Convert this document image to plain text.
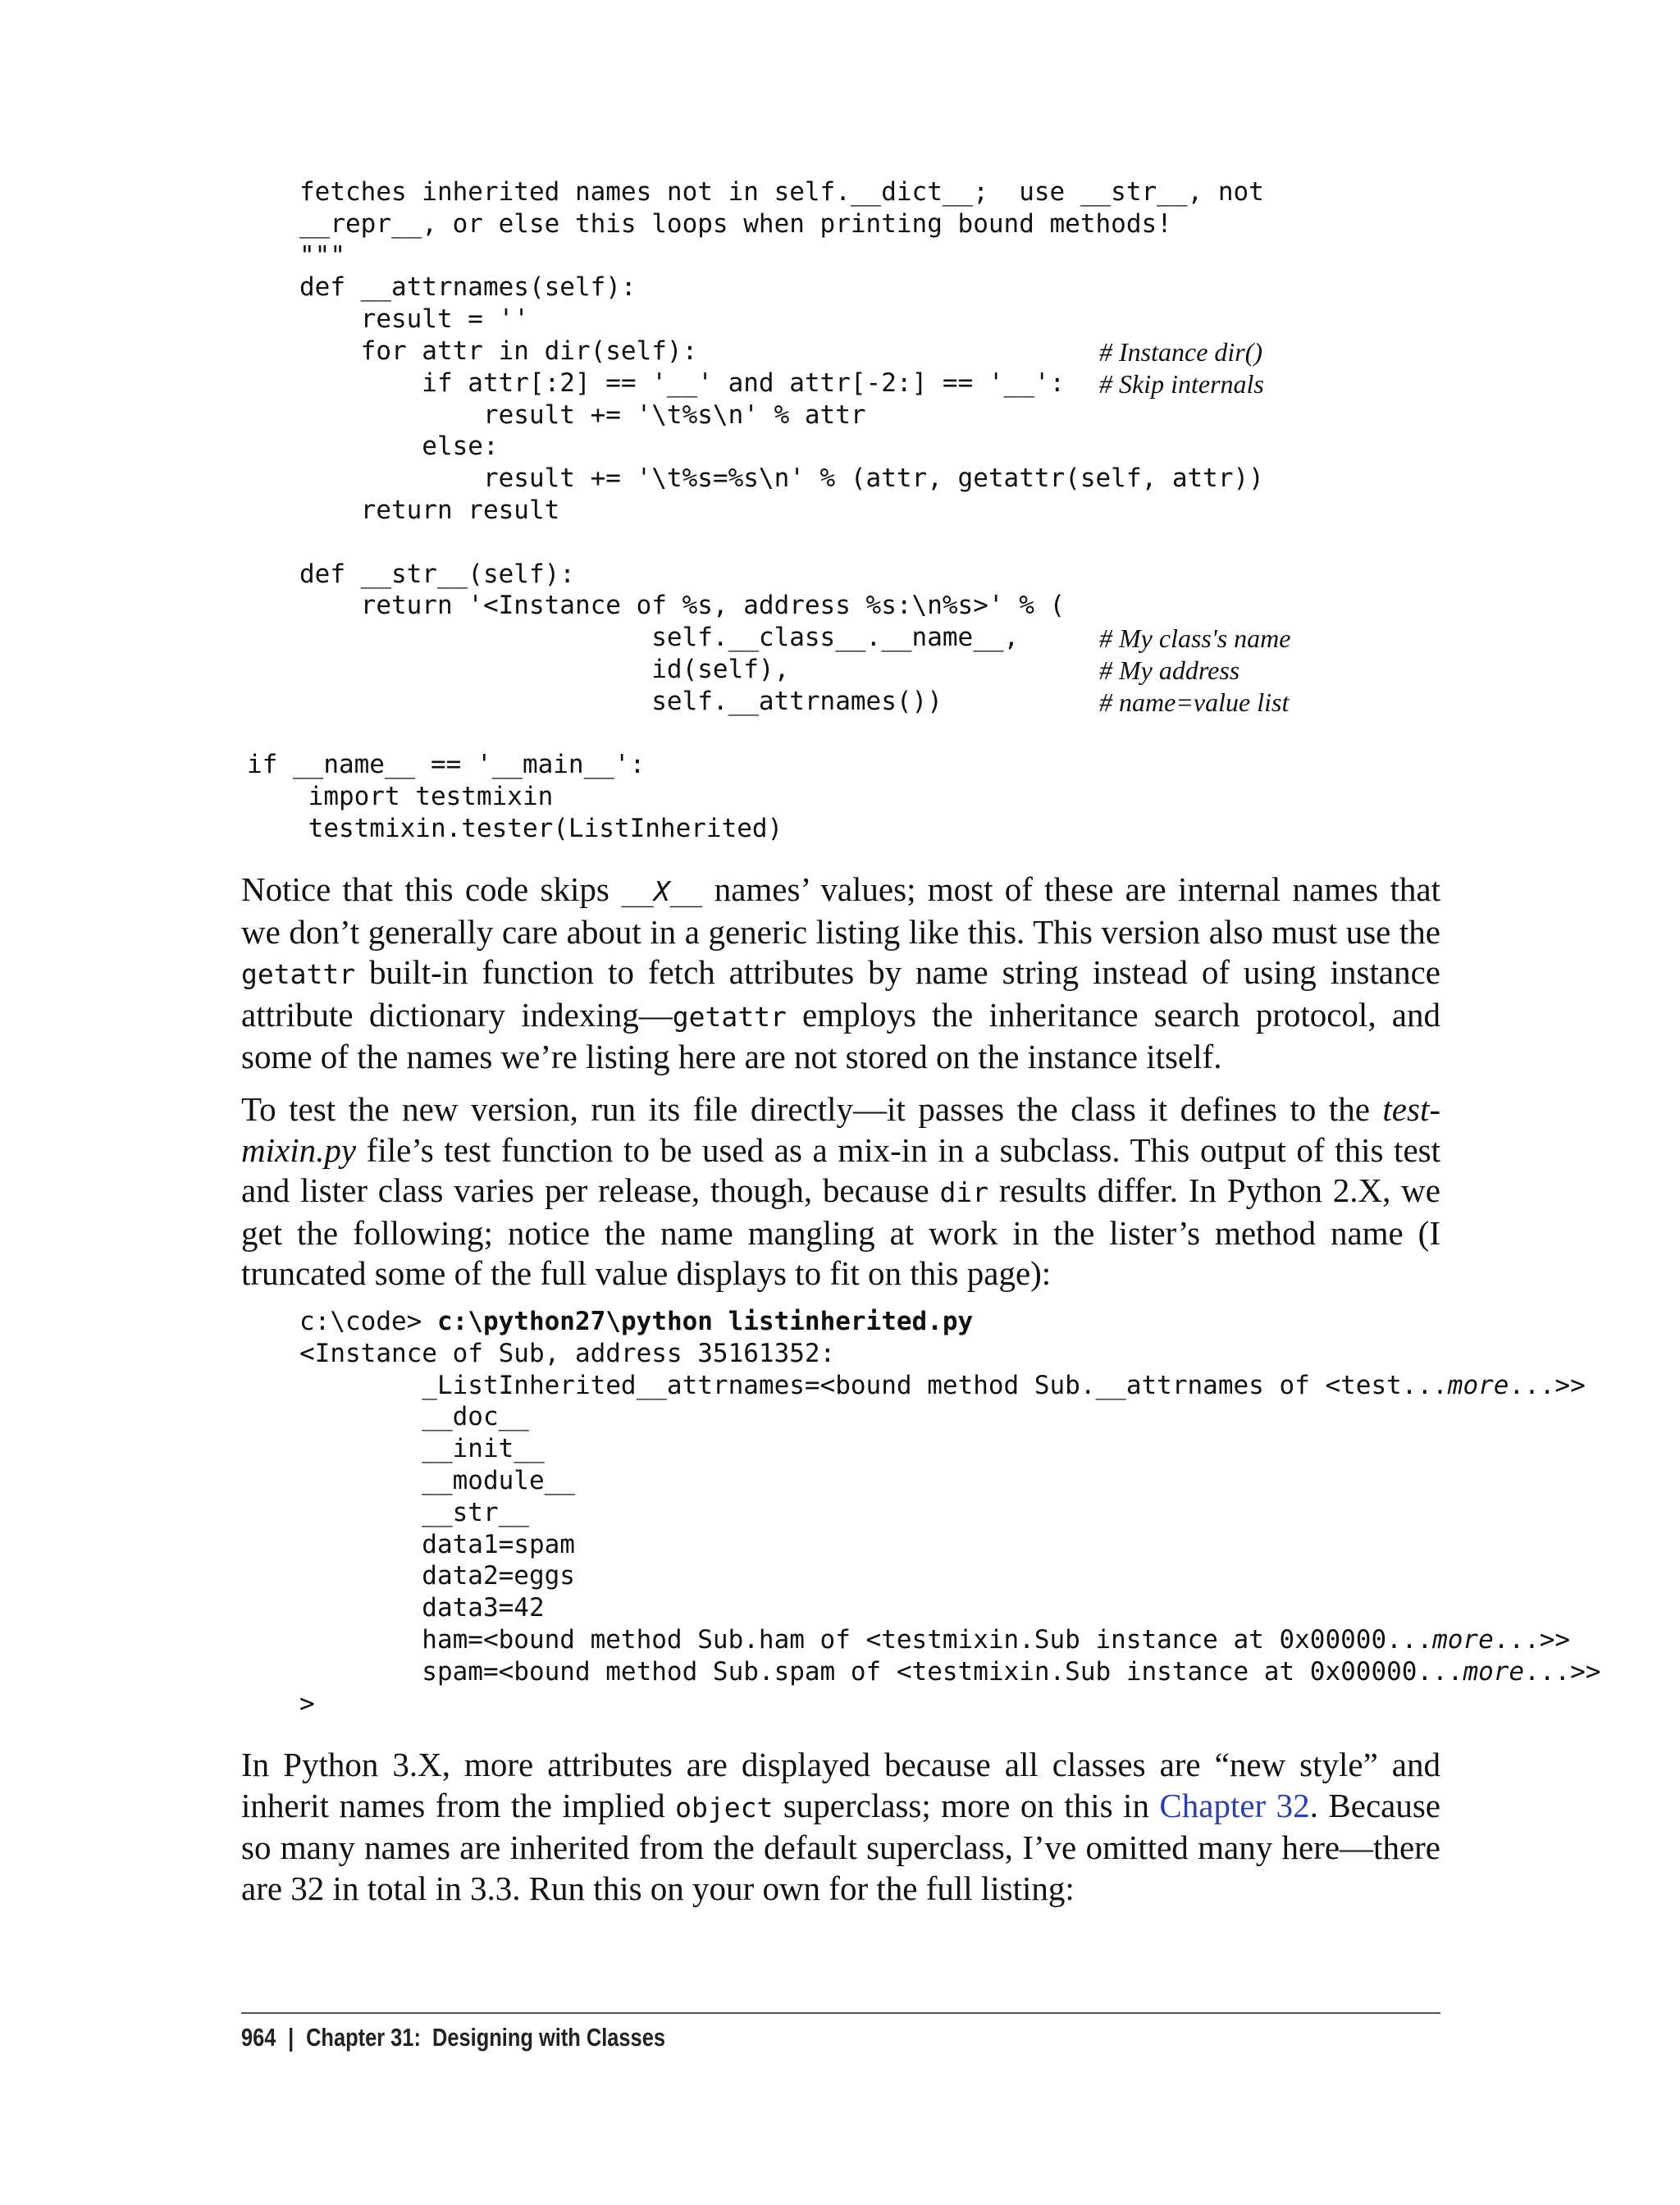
fetches inherited names not in self.__dict__;  use __str__, not
__repr__, or else this loops when printing bound methods!
"""
def __attrnames(self):
result = ''
for attr in dir(self):
if attr[:2] == '__' and attr[-2:] == '__':
result += '\t%s\n' % attr
else:
result += '\t%s=%s\n' % (attr, getattr(self, attr))
return result

def __str__(self):
return '<Instance of %s, address %s:\n%s>' % (
self.__class__.__name__,
id(self),
self.__attrnames())

if __name__ == '__main__':
import testmixin
testmixin.tester(ListInherited)
# Instance dir()
# Skip internals
# My class's name
# My address
# name=value list

Notice that this code skips __X__ names’ values; most of these are internal names that we don’t generally care about in a generic listing like this. This version also must use the getattr built-in function to fetch attributes by name string instead of using instance attribute dictionary indexing—getattr employs the inheritance search protocol, and some of the names we’re listing here are not stored on the instance itself.

To test the new version, run its file directly—it passes the class it defines to the testmixin.py file’s test function to be used as a mix-in in a subclass. This output of this test and lister class varies per release, though, because dir results differ. In Python 2.X, we get the following; notice the name mangling at work in the lister’s method name (I truncated some of the full value displays to fit on this page):

c:\code> c:\python27\python listinherited.py
<Instance of Sub, address 35161352:
_ListInherited__attrnames=<bound method Sub.__attrnames of <test...more...>>
__doc__
__init__
__module__
__str__
data1=spam
data2=eggs
data3=42
ham=<bound method Sub.ham of <testmixin.Sub instance at 0x00000...more...>>
spam=<bound method Sub.spam of <testmixin.Sub instance at 0x00000...more...>>
>

In Python 3.X, more attributes are displayed because all classes are “new style” and inherit names from the implied object superclass; more on this in Chapter 32. Because so many names are inherited from the default superclass, I’ve omitted many here—there are 32 in total in 3.3. Run this on your own for the full listing:

964 | Chapter 31:  Designing with Classes
